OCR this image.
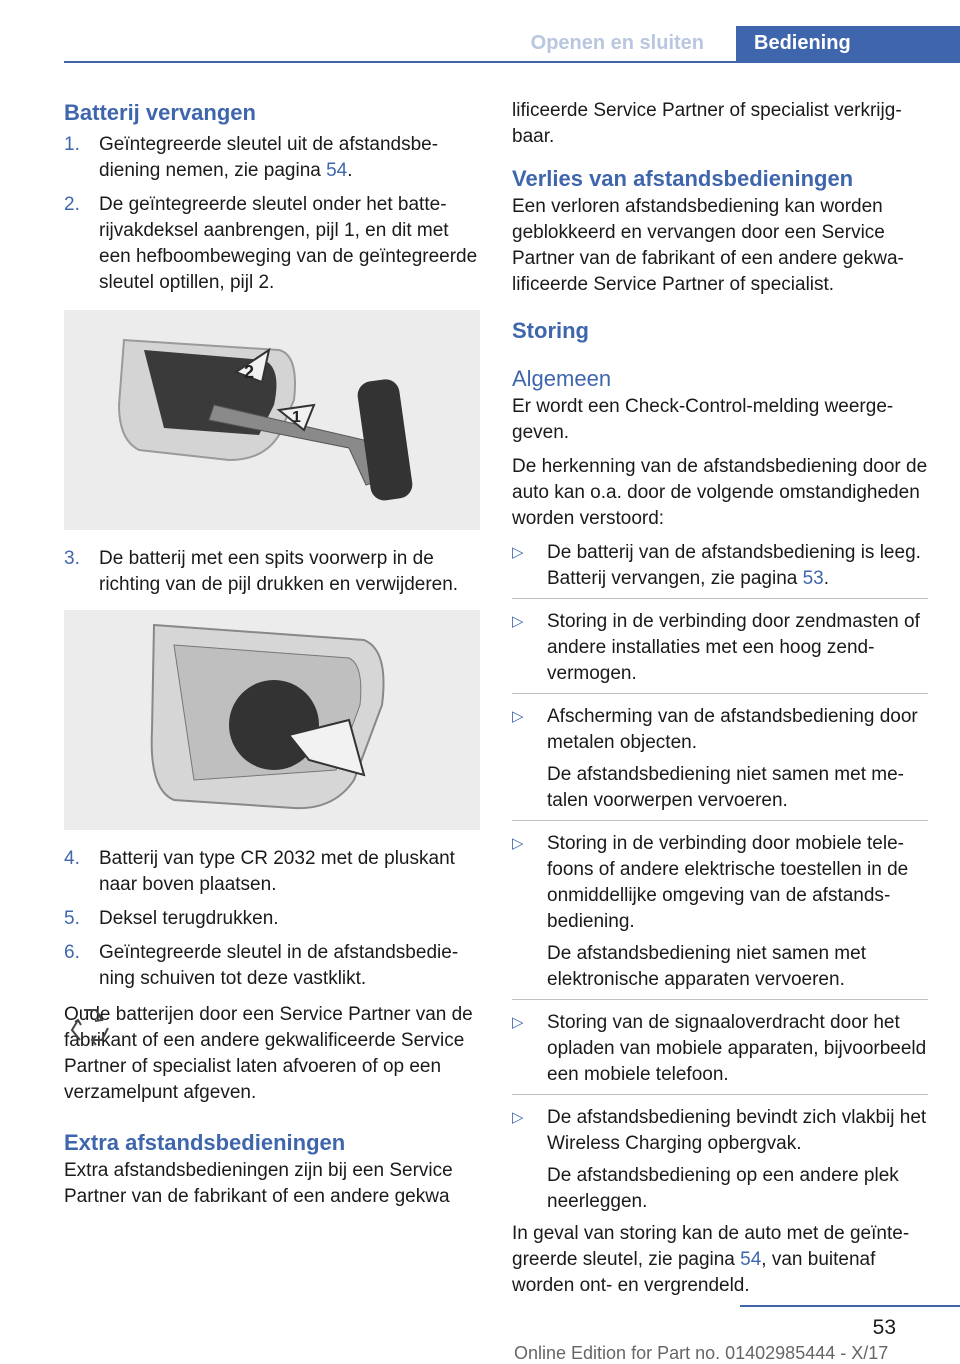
Openen en sluiten	Bediening
Batterij vervangen
1.	Geïntegreerde sleutel uit de afstandsbediening nemen, zie pagina 54.
2.	De geïntegreerde sleutel onder het batterijvakdeksel aanbrengen, pijl 1, en dit met een hefboombeweging van de geïntegreerde sleutel optillen, pijl 2.
2
1
3.	De batterij met een spits voorwerp in de richting van de pijl drukken en verwijderen.
4.	Batterij van type CR 2032 met de pluskant naar boven plaatsen.
5.	Deksel terugdrukken.
6.	Geïntegreerde sleutel in de afstandsbediening schuiven tot deze vastklikt.

Oude batterijen door een Service Partner van de fabrikant of een andere gekwalificeerde Service Partner of specialist laten afvoeren of op een verzamelpunt afgeven.

Extra afstandsbedieningen

Extra afstandsbedieningen zijn bij een Service Partner van de fabrikant of een andere gekwa

lificeerde Service Partner of specialist verkrijgbaar.

Verlies van afstandsbedieningen

Een verloren afstandsbediening kan worden geblokkeerd en vervangen door een Service Partner van de fabrikant of een andere gekwalificeerde Service Partner of specialist.

Storing
Algemeen

Er wordt een Check-Control-melding weergegeven.

De herkenning van de afstandsbediening door de auto kan o.a. door de volgende omstandigheden worden verstoord:

▷	De batterij van de afstandsbediening is leeg. Batterij vervangen, zie pagina 53.
▷	Storing in de verbinding door zendmasten of andere installaties met een hoog zendvermogen.
▷	Afscherming van de afstandsbediening door metalen objecten.

De afstandsbediening niet samen met metalen voorwerpen vervoeren.

▷	Storing in de verbinding door mobiele telefoons of andere elektrische toestellen in de onmiddellijke omgeving van de afstandsbediening.

De afstandsbediening niet samen met elektronische apparaten vervoeren.

▷	Storing van de signaaloverdracht door het opladen van mobiele apparaten, bijvoorbeeld een mobiele telefoon.
▷	De afstandsbediening bevindt zich vlakbij het Wireless Charging opbergvak.

De afstandsbediening op een andere plek neerleggen.

In geval van storing kan de auto met de geïntegreerde sleutel, zie pagina 54, van buitenaf worden ont- en vergrendeld.

53
Online Edition for Part no. 01402985444 - X/17
